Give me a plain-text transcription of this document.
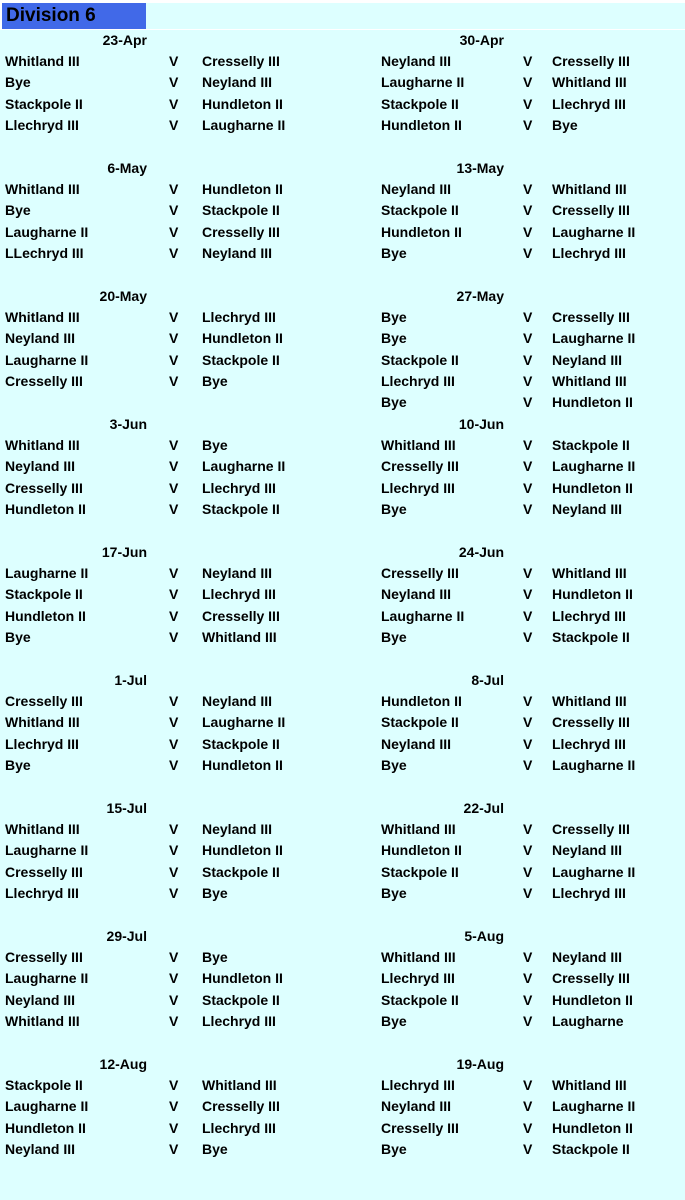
Division 6
23-Apr
Whitland III	V Cresselly III
Bye	V Neyland III
Stackpole II	V Hundleton II
Llechryd III	V Laugharne II
6-May
Whitland III	V Hundleton II
Bye	V Stackpole II
Laugharne II	V Cresselly III
LLechryd III	V Neyland III
20-May
Whitland III	V Llechryd III
Neyland III	V Hundleton II
Laugharne II	V Stackpole II
Cresselly III	V Bye
3-Jun
Whitland III	V Bye
Neyland III	V Laugharne II
Cresselly III	V Llechryd III
Hundleton II	V Stackpole II
17-Jun
Laugharne II	V Neyland III
Stackpole II	V Llechryd III
Hundleton II	V Cresselly III
Bye	V Whitland III
1-Jul
Cresselly III	V Neyland III
Whitland III	V Laugharne II
Llechryd III	V Stackpole II
Bye	V Hundleton II
15-Jul
Whitland III	V Neyland III
Laugharne II	V Hundleton II
Cresselly III	V Stackpole II
Llechryd III	V Bye
29-Jul
Cresselly III	V Bye
Laugharne II	V Hundleton II
Neyland III	V Stackpole II
Whitland III	V Llechryd III
12-Aug
Stackpole II	V Whitland III
Laugharne II	V Cresselly III
Hundleton II	V Llechryd III
Neyland III	V Bye
30-Apr
Neyland III	V Cresselly III
Laugharne II	V Whitland III
Stackpole II	V Llechryd III
Hundleton II	V Bye
13-May
Neyland III	V Whitland III
Stackpole II	V Cresselly III
Hundleton II	V Laugharne II
Bye	V Llechryd III
27-May
Bye	V Cresselly III
Bye	V Laugharne II
Stackpole II	V Neyland III
Llechryd III	V Whitland III
Bye	V Hundleton II
10-Jun
Whitland III	V Stackpole II
Cresselly III	V Laugharne II
Llechryd III	V Hundleton II
Bye	V Neyland III
24-Jun
Cresselly III	V Whitland III
Neyland III	V Hundleton II
Laugharne II	V Llechryd III
Bye	V Stackpole II
8-Jul
Hundleton II	V Whitland III
Stackpole II	V Cresselly III
Neyland III	V Llechryd III
Bye	V Laugharne II
22-Jul
Whitland III	V Cresselly III
Hundleton II	V Neyland III
Stackpole II	V Laugharne II
Bye	V Llechryd III
5-Aug
Whitland III	V Neyland III
Llechryd III	V Cresselly III
Stackpole II	V Hundleton II
Bye	V Laugharne
19-Aug
Llechryd III	V Whitland III
Neyland III	V Laugharne II
Cresselly III	V Hundleton II
Bye	V Stackpole II
